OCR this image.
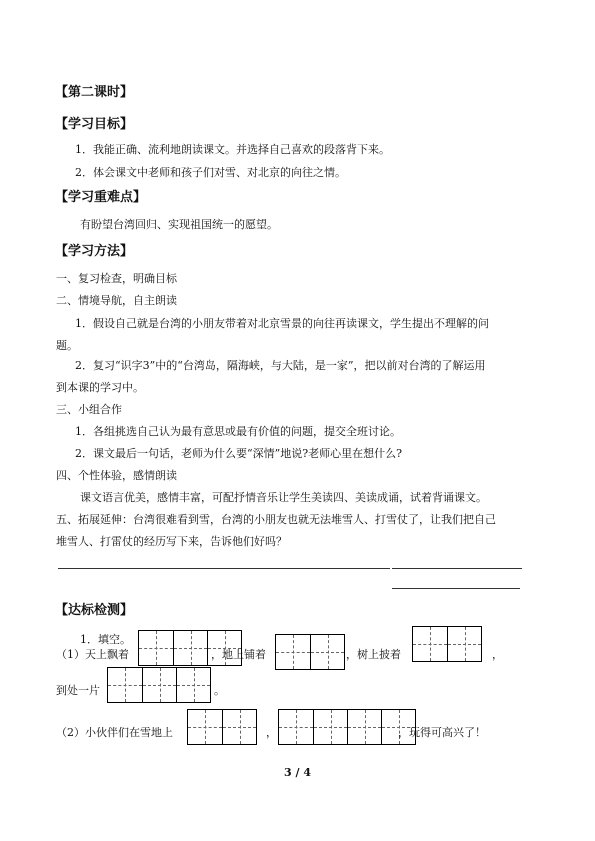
【第二课时】
【学习目标】
1．我能正确、流利地朗读课文。并选择自己喜欢的段落背下来。
2．体会课文中老师和孩子们对雪、对北京的向往之情。
【学习重难点】
有盼望台湾回归、实现祖国统一的愿望。
【学习方法】
一、复习检查，明确目标
二、情境导航，自主朗读
1．假设自己就是台湾的小朋友带着对北京雪景的向往再读课文，学生提出不理解的问
题。
2．复习“识字3”中的“台湾岛，隔海峡，与大陆，是一家”，把以前对台湾的了解运用
到本课的学习中。
三、小组合作
1．各组挑选自己认为最有意思或最有价值的问题，提交全班讨论。
2．课文最后一句话，老师为什么要“深情”地说?老师心里在想什么?
四、个性体验，感情朗读
课文语言优美，感情丰富，可配抒情音乐让学生美读四、美读成诵，试着背诵课文。
五、拓展延伸：台湾很难看到雪，台湾的小朋友也就无法堆雪人、打雪仗了，让我们把自己
堆雪人、打雷仗的经历写下来，告诉他们好吗？
【达标检测】
1．填空。
（1）天上飘着	，地上铺着	，树上披着	，
到处一片	。
（2）小伙伴们在雪地上	，	，玩得可高兴了！
3 / 4
